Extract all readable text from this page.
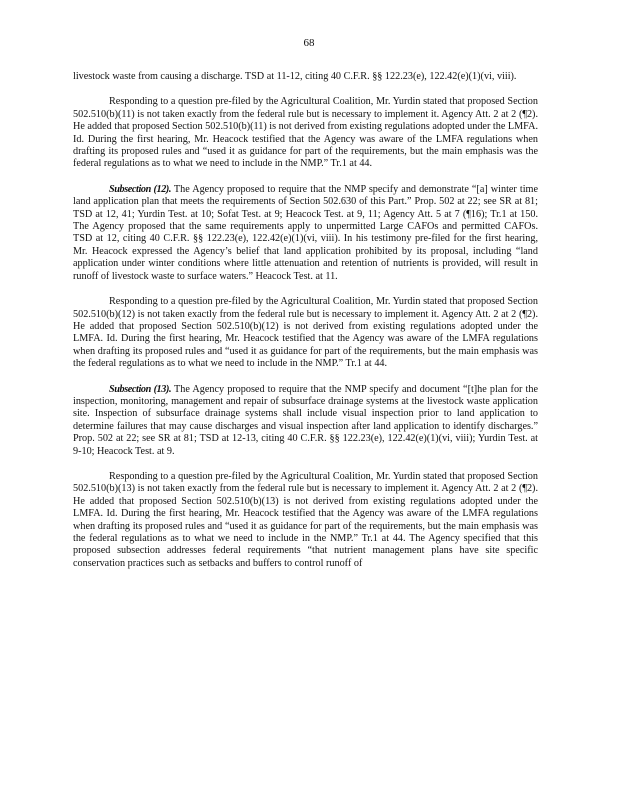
68

livestock waste from causing a discharge. TSD at 11-12, citing 40 C.F.R. §§ 122.23(e), 122.42(e)(1)(vi, viii).

Responding to a question pre-filed by the Agricultural Coalition, Mr. Yurdin stated that proposed Section 502.510(b)(11) is not taken exactly from the federal rule but is necessary to implement it. Agency Att. 2 at 2 (¶2). He added that proposed Section 502.510(b)(11) is not derived from existing regulations adopted under the LMFA. Id. During the first hearing, Mr. Heacock testified that the Agency was aware of the LMFA regulations when drafting its proposed rules and “used it as guidance for part of the requirements, but the main emphasis was the federal regulations as to what we need to include in the NMP.” Tr.1 at 44.

Subsection (12). The Agency proposed to require that the NMP specify and demonstrate “[a] winter time land application plan that meets the requirements of Section 502.630 of this Part.” Prop. 502 at 22; see SR at 81; TSD at 12, 41; Yurdin Test. at 10; Sofat Test. at 9; Heacock Test. at 9, 11; Agency Att. 5 at 7 (¶16); Tr.1 at 150. The Agency proposed that the same requirements apply to unpermitted Large CAFOs and permitted CAFOs. TSD at 12, citing 40 C.F.R. §§ 122.23(e), 122.42(e)(1)(vi, viii). In his testimony pre-filed for the first hearing, Mr. Heacock expressed the Agency’s belief that land application prohibited by its proposal, including “land application under winter conditions where little attenuation and retention of nutrients is provided, will result in runoff of livestock waste to surface waters.” Heacock Test. at 11.

Responding to a question pre-filed by the Agricultural Coalition, Mr. Yurdin stated that proposed Section 502.510(b)(12) is not taken exactly from the federal rule but is necessary to implement it. Agency Att. 2 at 2 (¶2). He added that proposed Section 502.510(b)(12) is not derived from existing regulations adopted under the LMFA. Id. During the first hearing, Mr. Heacock testified that the Agency was aware of the LMFA regulations when drafting its proposed rules and “used it as guidance for part of the requirements, but the main emphasis was the federal regulations as to what we need to include in the NMP.” Tr.1 at 44.

Subsection (13). The Agency proposed to require that the NMP specify and document “[t]he plan for the inspection, monitoring, management and repair of subsurface drainage systems at the livestock waste application site. Inspection of subsurface drainage systems shall include visual inspection prior to land application to determine failures that may cause discharges and visual inspection after land application to identify discharges.” Prop. 502 at 22; see SR at 81; TSD at 12-13, citing 40 C.F.R. §§ 122.23(e), 122.42(e)(1)(vi, viii); Yurdin Test. at 9-10; Heacock Test. at 9.

Responding to a question pre-filed by the Agricultural Coalition, Mr. Yurdin stated that proposed Section 502.510(b)(13) is not taken exactly from the federal rule but is necessary to implement it. Agency Att. 2 at 2 (¶2). He added that proposed Section 502.510(b)(13) is not derived from existing regulations adopted under the LMFA. Id. During the first hearing, Mr. Heacock testified that the Agency was aware of the LMFA regulations when drafting its proposed rules and “used it as guidance for part of the requirements, but the main emphasis was the federal regulations as to what we need to include in the NMP.” Tr.1 at 44. The Agency specified that this proposed subsection addresses federal requirements “that nutrient management plans have site specific conservation practices such as setbacks and buffers to control runoff of
